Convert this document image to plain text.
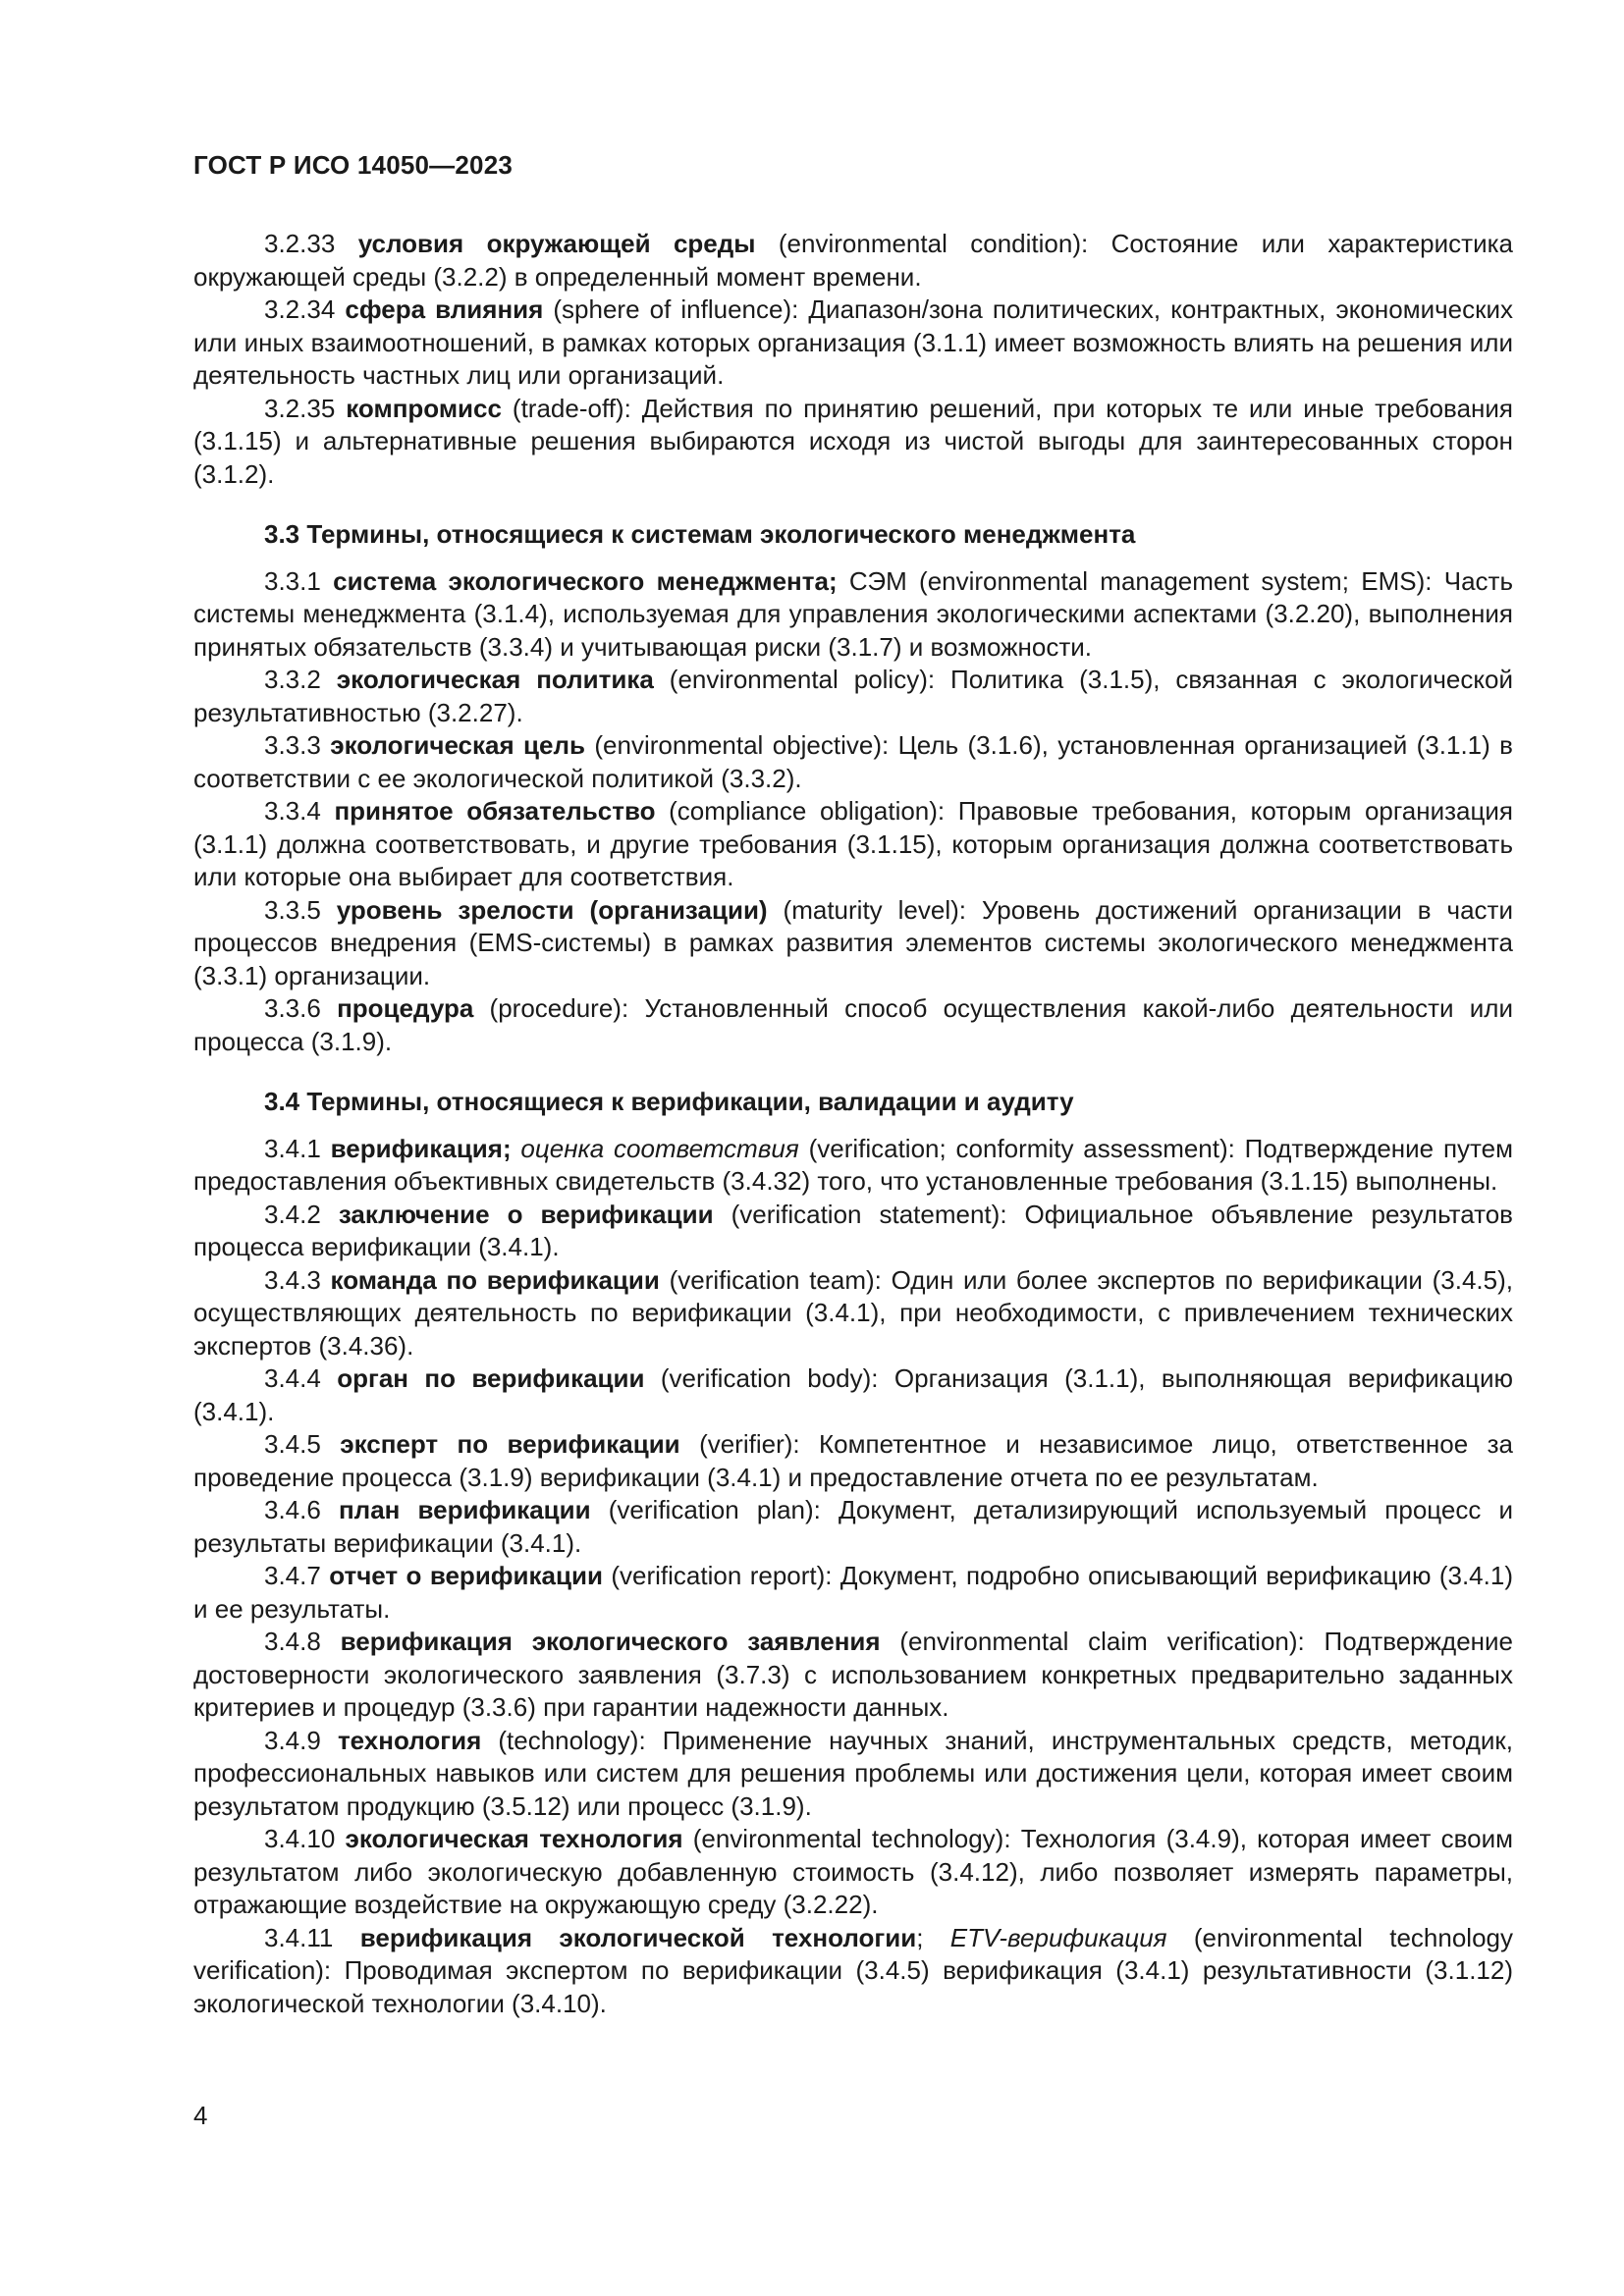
ГОСТ Р ИСО 14050—2023

3.2.33 условия окружающей среды (environmental condition): Состояние или характеристика окружающей среды (3.2.2) в определенный момент времени.

3.2.34 сфера влияния (sphere of influence): Диапазон/зона политических, контрактных, экономических или иных взаимоотношений, в рамках которых организация (3.1.1) имеет возможность влиять на решения или деятельность частных лиц или организаций.

3.2.35 компромисс (trade-off): Действия по принятию решений, при которых те или иные требования (3.1.15) и альтернативные решения выбираются исходя из чистой выгоды для заинтересованных сторон (3.1.2).

3.3 Термины, относящиеся к системам экологического менеджмента

3.3.1 система экологического менеджмента; СЭМ (environmental management system; EMS): Часть системы менеджмента (3.1.4), используемая для управления экологическими аспектами (3.2.20), выполнения принятых обязательств (3.3.4) и учитывающая риски (3.1.7) и возможности.

3.3.2 экологическая политика (environmental policy): Политика (3.1.5), связанная с экологической результативностью (3.2.27).

3.3.3 экологическая цель (environmental objective): Цель (3.1.6), установленная организацией (3.1.1) в соответствии с ее экологической политикой (3.3.2).

3.3.4 принятое обязательство (compliance obligation): Правовые требования, которым организация (3.1.1) должна соответствовать, и другие требования (3.1.15), которым организация должна соответствовать или которые она выбирает для соответствия.

3.3.5 уровень зрелости (организации) (maturity level): Уровень достижений организации в части процессов внедрения (EMS-системы) в рамках развития элементов системы экологического менеджмента (3.3.1) организации.

3.3.6 процедура (procedure): Установленный способ осуществления какой-либо деятельности или процесса (3.1.9).

3.4 Термины, относящиеся к верификации, валидации и аудиту

3.4.1 верификация; оценка соответствия (verification; conformity assessment): Подтверждение путем предоставления объективных свидетельств (3.4.32) того, что установленные требования (3.1.15) выполнены.

3.4.2 заключение о верификации (verification statement): Официальное объявление результатов процесса верификации (3.4.1).

3.4.3 команда по верификации (verification team): Один или более экспертов по верификации (3.4.5), осуществляющих деятельность по верификации (3.4.1), при необходимости, с привлечением технических экспертов (3.4.36).

3.4.4 орган по верификации (verification body): Организация (3.1.1), выполняющая верификацию (3.4.1).

3.4.5 эксперт по верификации (verifier): Компетентное и независимое лицо, ответственное за проведение процесса (3.1.9) верификации (3.4.1) и предоставление отчета по ее результатам.

3.4.6 план верификации (verification plan): Документ, детализирующий используемый процесс и результаты верификации (3.4.1).

3.4.7 отчет о верификации (verification report): Документ, подробно описывающий верификацию (3.4.1) и ее результаты.

3.4.8 верификация экологического заявления (environmental claim verification): Подтверждение достоверности экологического заявления (3.7.3) с использованием конкретных предварительно заданных критериев и процедур (3.3.6) при гарантии надежности данных.

3.4.9 технология (technology): Применение научных знаний, инструментальных средств, методик, профессиональных навыков или систем для решения проблемы или достижения цели, которая имеет своим результатом продукцию (3.5.12) или процесс (3.1.9).

3.4.10 экологическая технология (environmental technology): Технология (3.4.9), которая имеет своим результатом либо экологическую добавленную стоимость (3.4.12), либо позволяет измерять параметры, отражающие воздействие на окружающую среду (3.2.22).

3.4.11 верификация экологической технологии; ETV-верификация (environmental technology verification): Проводимая экспертом по верификации (3.4.5) верификация (3.4.1) результативности (3.1.12) экологической технологии (3.4.10).

4
